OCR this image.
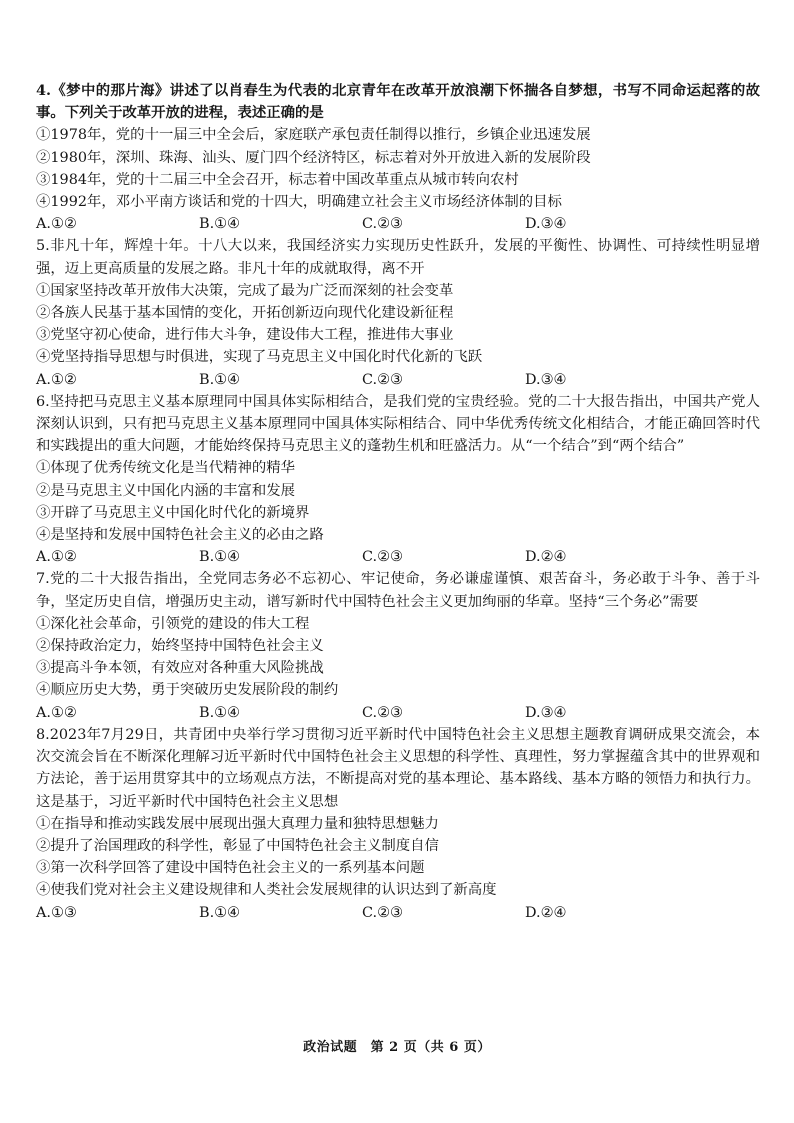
4.《梦中的那片海》讲述了以肖春生为代表的北京青年在改革开放浪潮下怀揣各自梦想，书写不同命运起落的故事。下列关于改革开放的进程，表述正确的是

①1978年，党的十一届三中全会后，家庭联产承包责任制得以推行，乡镇企业迅速发展

②1980年，深圳、珠海、汕头、厦门四个经济特区，标志着对外开放进入新的发展阶段

③1984年，党的十二届三中全会召开，标志着中国改革重点从城市转向农村

④1992年，邓小平南方谈话和党的十四大，明确建立社会主义市场经济体制的目标

A.①②	B.①④	C.②③	D.③④

5.非凡十年，辉煌十年。十八大以来，我国经济实力实现历史性跃升，发展的平衡性、协调性、可持续性明显增强，迈上更高质量的发展之路。非凡十年的成就取得，离不开

①国家坚持改革开放伟大决策，完成了最为广泛而深刻的社会变革

②各族人民基于基本国情的变化，开拓创新迈向现代化建设新征程

③党坚守初心使命，进行伟大斗争，建设伟大工程，推进伟大事业

④党坚持指导思想与时俱进，实现了马克思主义中国化时代化新的飞跃

A.①②	B.①④	C.②③	D.③④

6.坚持把马克思主义基本原理同中国具体实际相结合，是我们党的宝贵经验。党的二十大报告指出，中国共产党人深刻认识到，只有把马克思主义基本原理同中国具体实际相结合、同中华优秀传统文化相结合，才能正确回答时代和实践提出的重大问题，才能始终保持马克思主义的蓬勃生机和旺盛活力。从“一个结合”到“两个结合”

①体现了优秀传统文化是当代精神的精华

②是马克思主义中国化内涵的丰富和发展

③开辟了马克思主义中国化时代化的新境界

④是坚持和发展中国特色社会主义的必由之路

A.①②	B.①④	C.②③	D.②④

7.党的二十大报告指出，全党同志务必不忘初心、牢记使命，务必谦虚谨慎、艰苦奋斗，务必敢于斗争、善于斗争，坚定历史自信，增强历史主动，谱写新时代中国特色社会主义更加绚丽的华章。坚持“三个务必”需要

①深化社会革命，引领党的建设的伟大工程

②保持政治定力，始终坚持中国特色社会主义

③提高斗争本领，有效应对各种重大风险挑战

④顺应历史大势，勇于突破历史发展阶段的制约

A.①②	B.①④	C.②③	D.③④

8.2023年7月29日，共青团中央举行学习贯彻习近平新时代中国特色社会主义思想主题教育调研成果交流会，本次交流会旨在不断深化理解习近平新时代中国特色社会主义思想的科学性、真理性，努力掌握蕴含其中的世界观和方法论，善于运用贯穿其中的立场观点方法，不断提高对党的基本理论、基本路线、基本方略的领悟力和执行力。这是基于，习近平新时代中国特色社会主义思想

①在指导和推动实践发展中展现出强大真理力量和独特思想魅力

②提升了治国理政的科学性，彰显了中国特色社会主义制度自信

③第一次科学回答了建设中国特色社会主义的一系列基本问题

④使我们党对社会主义建设规律和人类社会发展规律的认识达到了新高度

A.①③	B.①④	C.②③	D.②④
政治试题　第 2 页（共 6 页）
